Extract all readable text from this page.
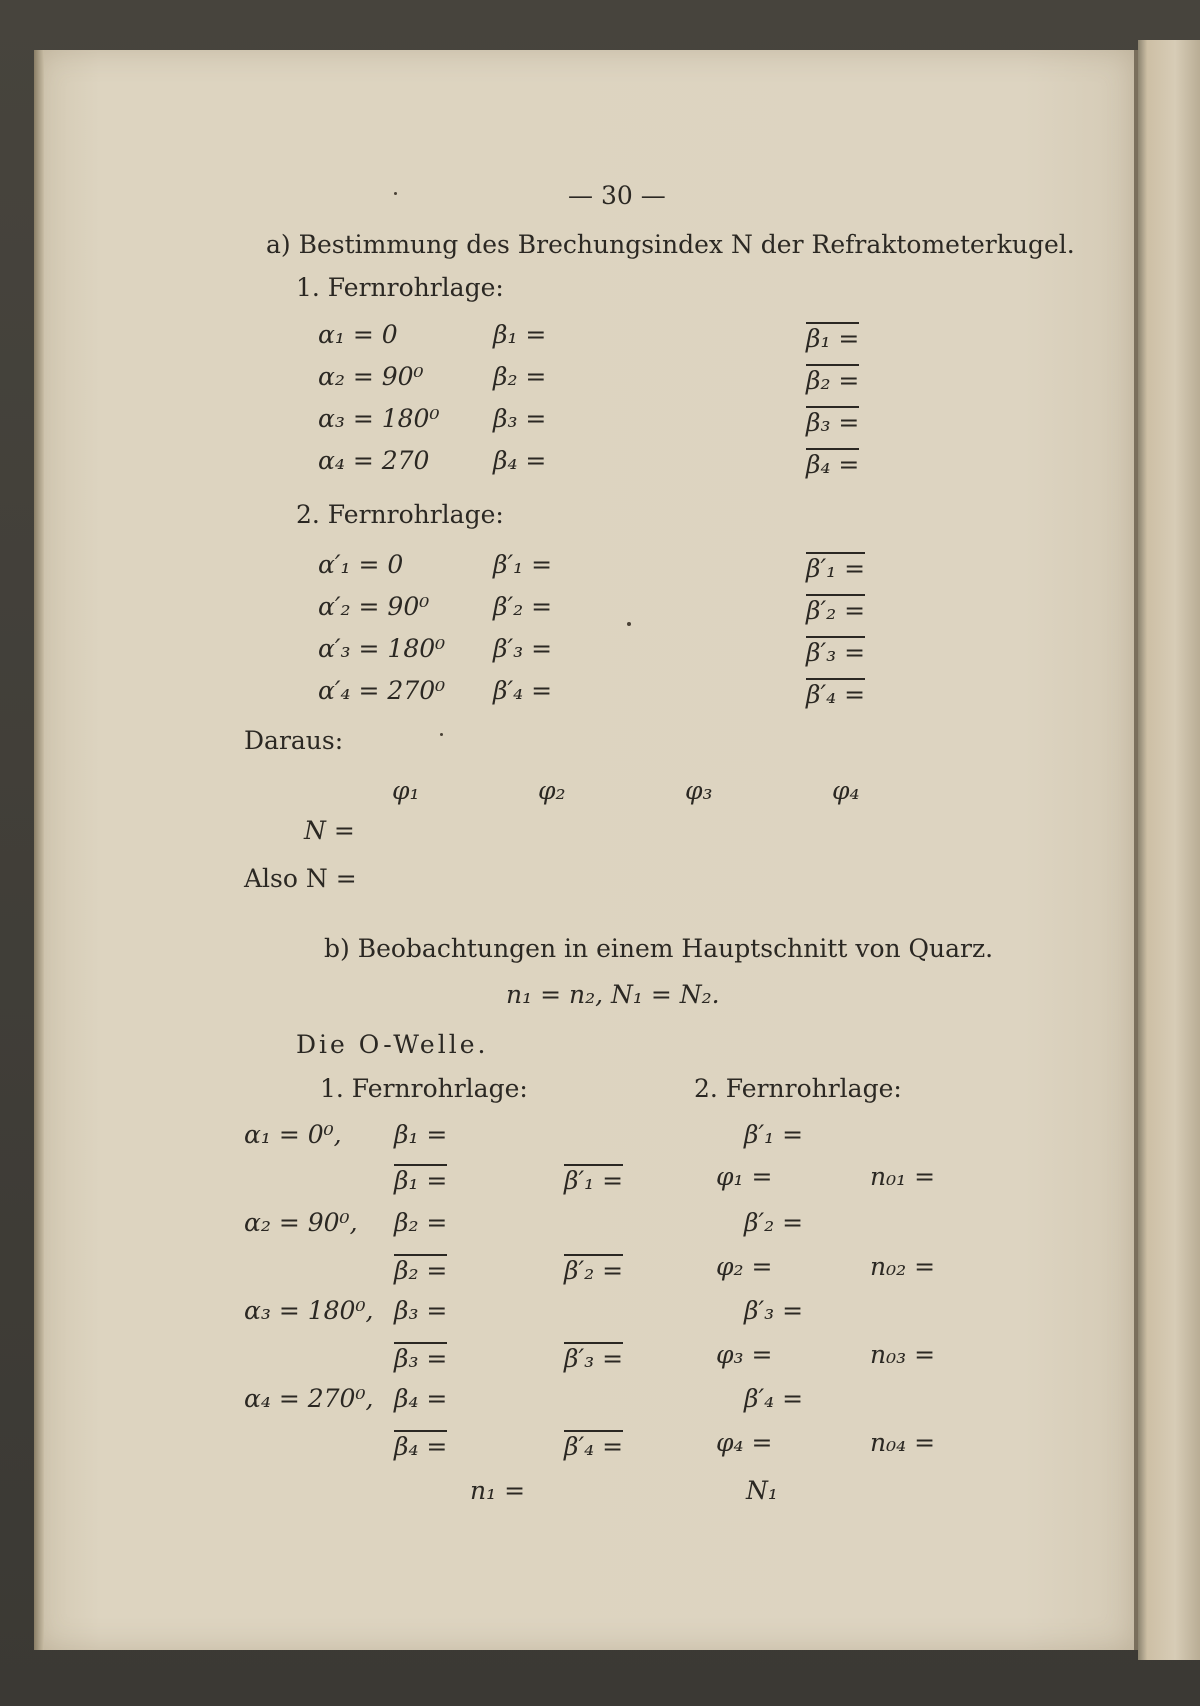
— 30 —
a) Bestimmung des Brechungsindex N der Refraktometerkugel.
1. Fernrohrlage:
α₁ = 0	β₁ =	β₁ =
α₂ = 90⁰	β₂ =	β₂ =
α₃ = 180⁰ β₃ =	β₃ =
α₄ = 270	β₄ =	β₄ =
2. Fernrohrlage:
α′₁ = 0	β′₁ =	β′₁ =
α′₂ = 90⁰	β′₂ =	β′₂ =
α′₃ = 180⁰ β′₃ =	β′₃ =
α′₄ = 270⁰ β′₄ =	β′₄ =
Daraus:
φ₁	φ₂	φ₃	φ₄
N =
Also N =
b) Beobachtungen in einem Hauptschnitt von Quarz.
n₁ = n₂, N₁ = N₂.
Die O-Welle.
1. Fernrohrlage:	2. Fernrohrlage:
α₁ = 0⁰, β₁ =	β′₁ =
β₁ =	β′₁ =	φ₁ =	n₀₁ =
α₂ = 90⁰, β₂ =	β′₂ =
β₂ =	β′₂ =	φ₂ =	n₀₂ =
α₃ = 180⁰, β₃ =	β′₃ =
β₃ =	β′₃ =	φ₃ =	n₀₃ =
α₄ = 270⁰, β₄ =	β′₄ =
β₄ =	β′₄ =	φ₄ =	n₀₄ =
n₁ =	N₁
